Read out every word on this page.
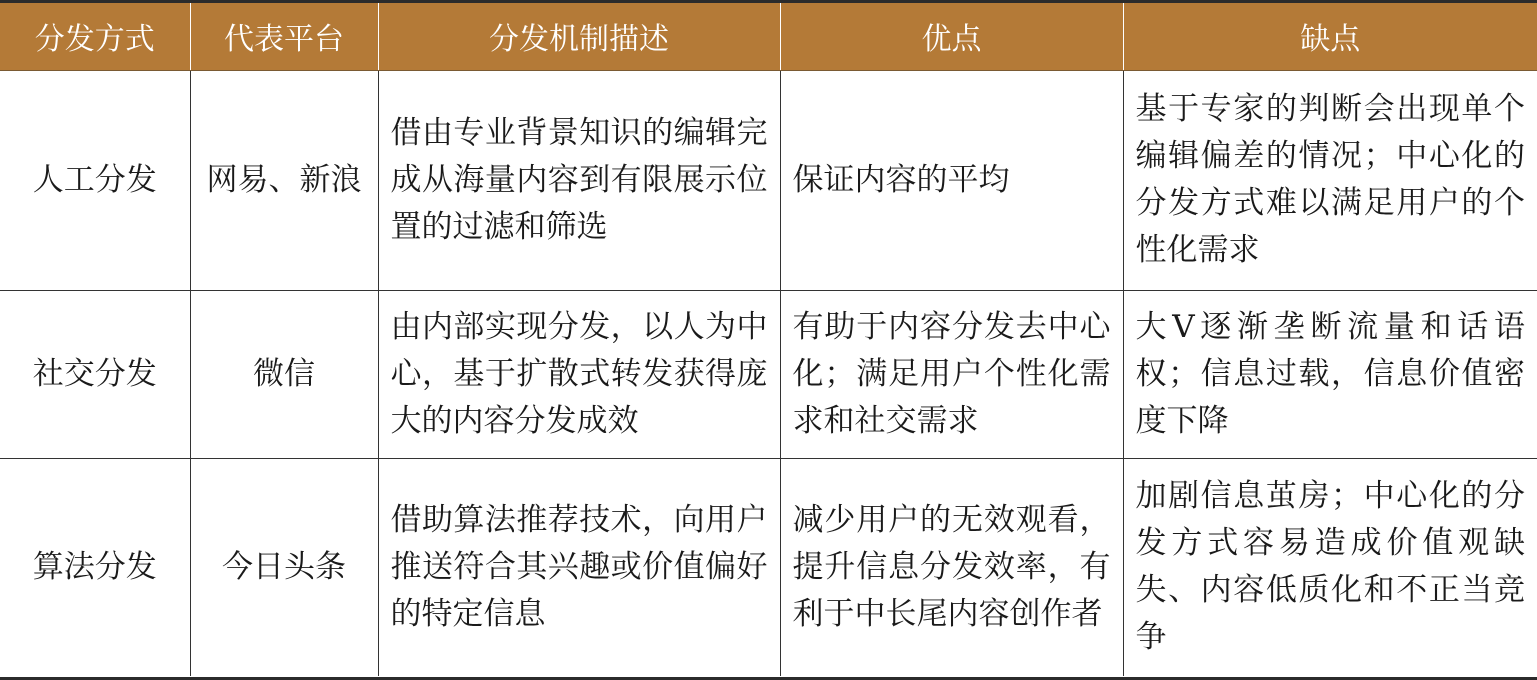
分发方式	代表平台	分发机制描述	优点	缺点
人工分发	网易、新浪	借由专业背景知识的编辑完成从海量内容到有限展示位置的过滤和筛选	保证内容的平均	基于专家的判断会出现单个编辑偏差的情况；中心化的分发方式难以满足用户的个性化需求
社交分发	微信	由内部实现分发，以人为中心，基于扩散式转发获得庞大的内容分发成效	有助于内容分发去中心化；满足用户个性化需求和社交需求	大V逐渐垄断流量和话语权；信息过载，信息价值密度下降
算法分发	今日头条	借助算法推荐技术，向用户推送符合其兴趣或价值偏好的特定信息	减少用户的无效观看，提升信息分发效率，有利于中长尾内容创作者	加剧信息茧房；中心化的分发方式容易造成价值观缺失、内容低质化和不正当竞争
